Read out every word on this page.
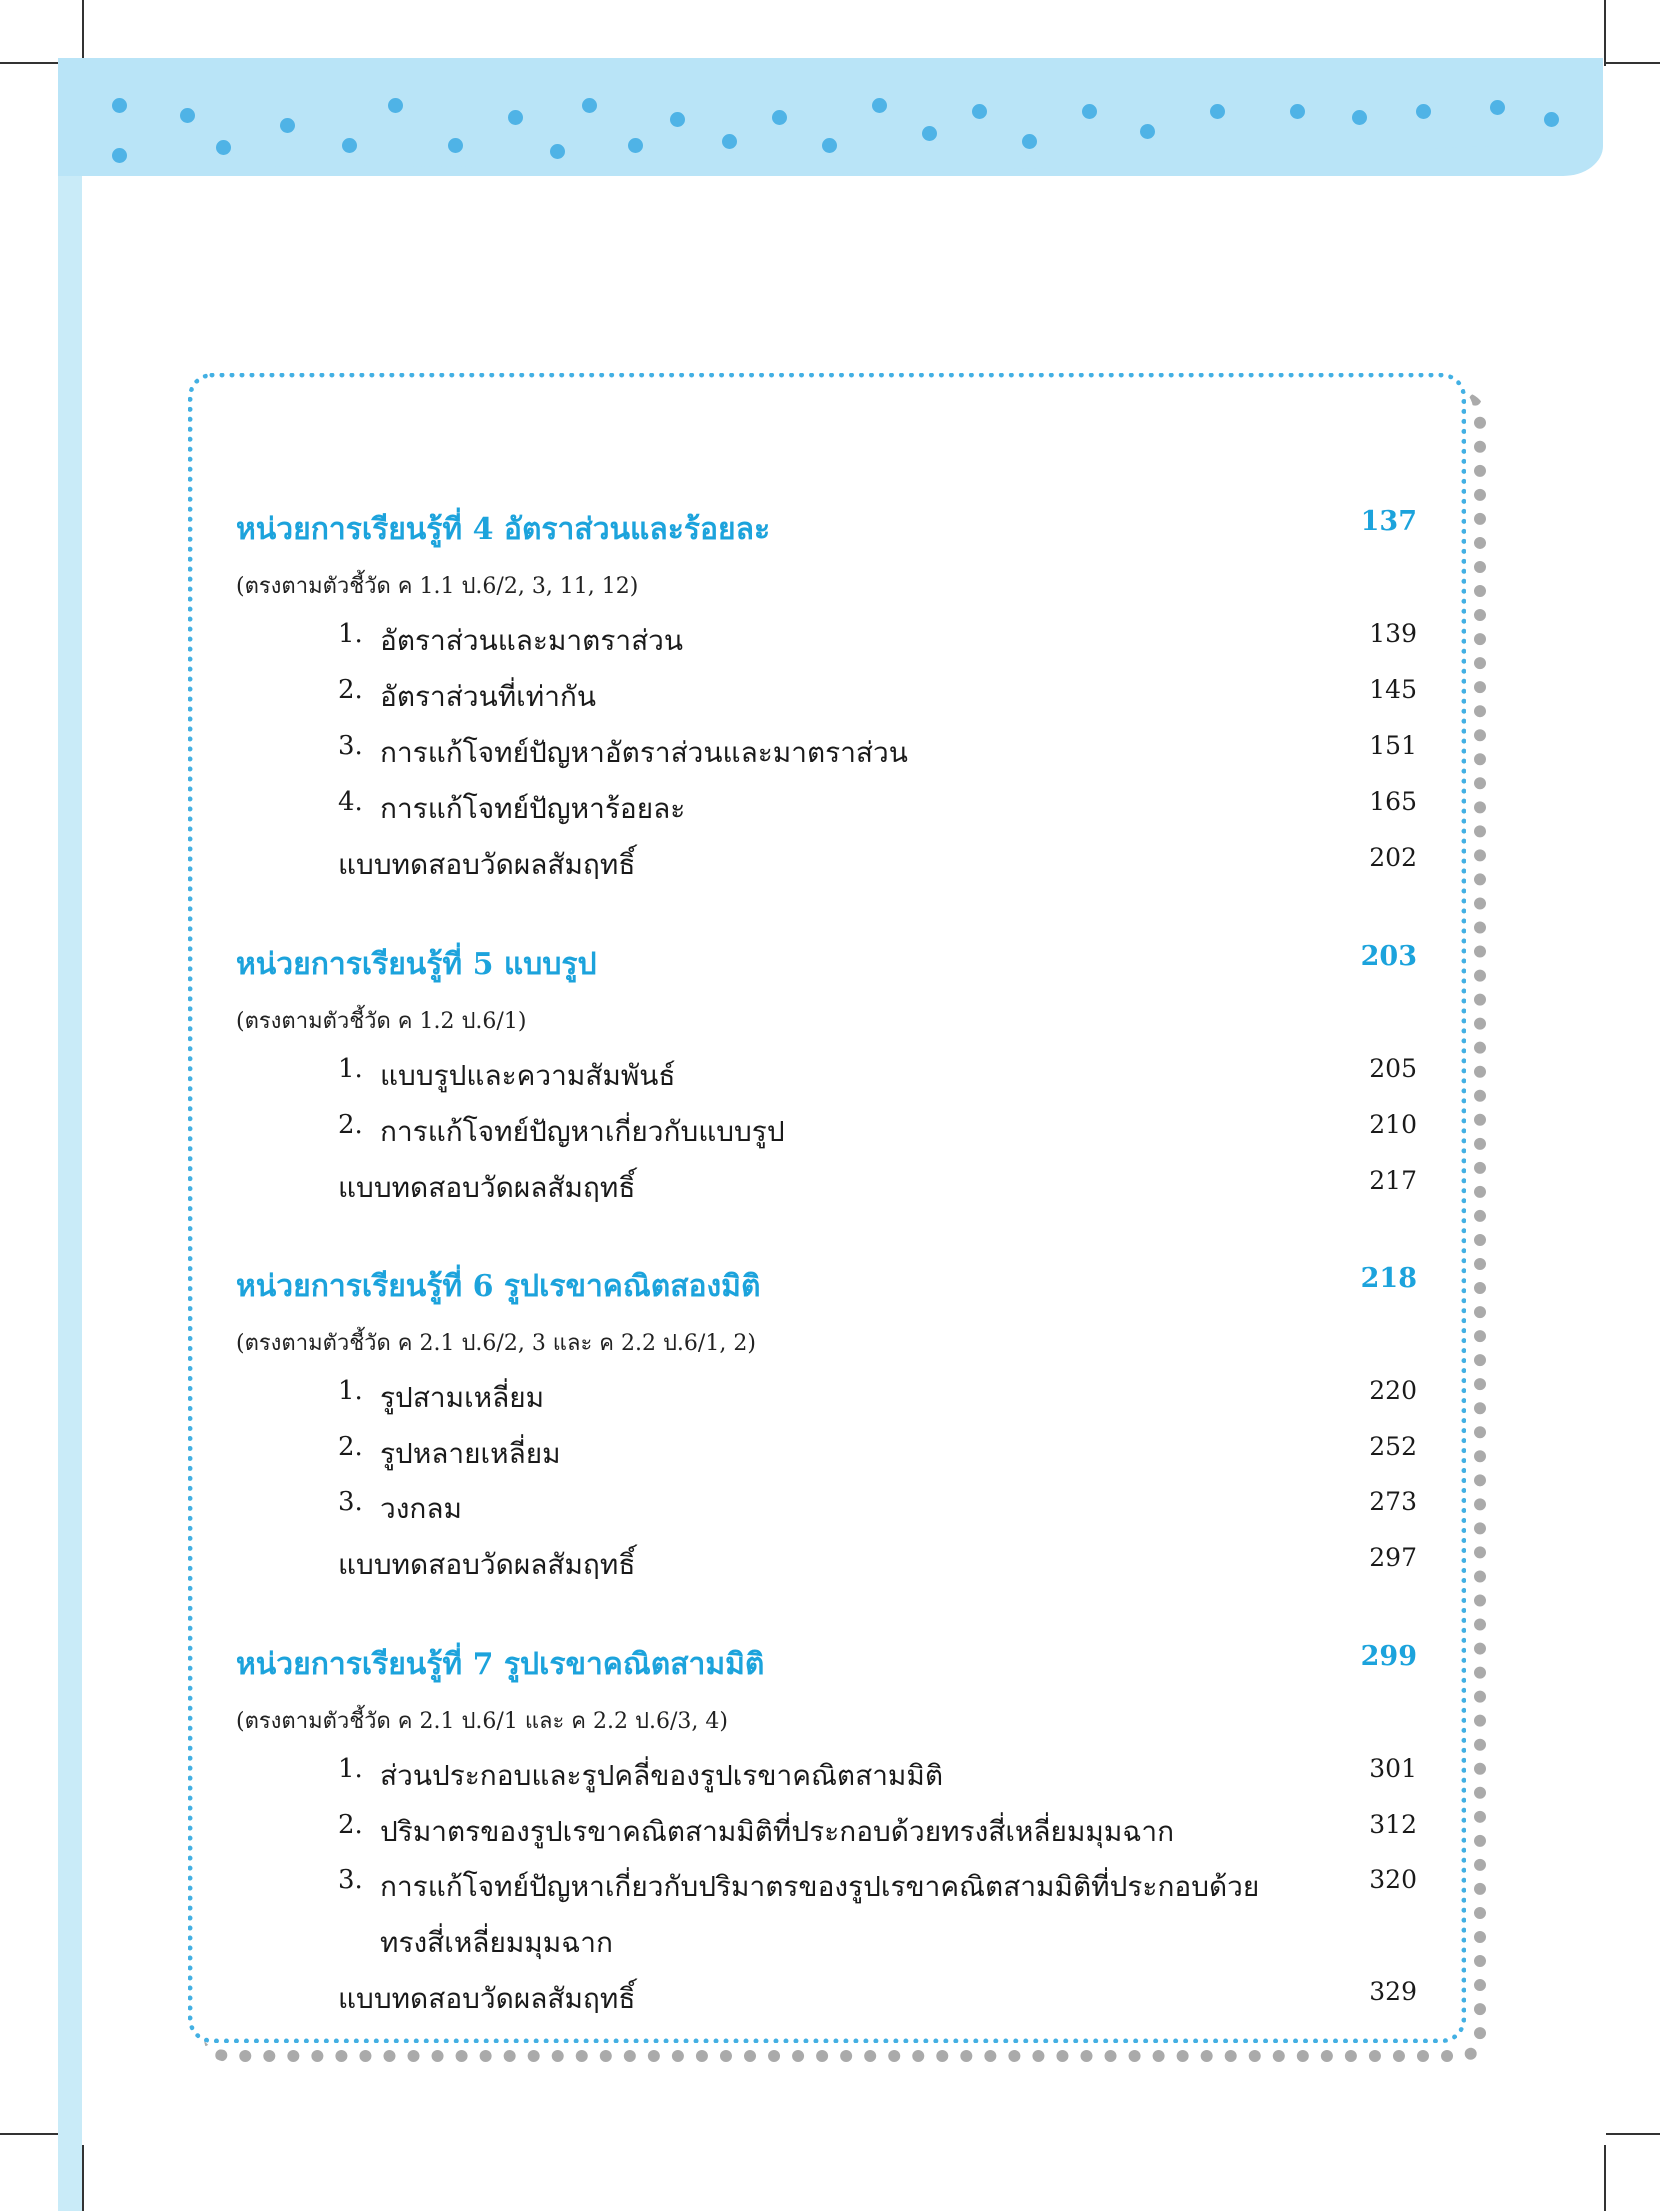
หน่วยการเรียนรู้ที่ 4 อัตราส่วนและร้อยละ	137
(ตรงตามตัวชี้วัด ค 1.1 ป.6/2, 3, 11, 12)
1. อัตราส่วนและมาตราส่วน	139
2. อัตราส่วนที่เท่ากัน	145
3. การแก้โจทย์ปัญหาอัตราส่วนและมาตราส่วน	151
4. การแก้โจทย์ปัญหาร้อยละ	165
แบบทดสอบวัดผลสัมฤทธิ์	202
หน่วยการเรียนรู้ที่ 5 แบบรูป	203
(ตรงตามตัวชี้วัด ค 1.2 ป.6/1)
1. แบบรูปและความสัมพันธ์	205
2. การแก้โจทย์ปัญหาเกี่ยวกับแบบรูป	210
แบบทดสอบวัดผลสัมฤทธิ์	217
หน่วยการเรียนรู้ที่ 6 รูปเรขาคณิตสองมิติ	218
(ตรงตามตัวชี้วัด ค 2.1 ป.6/2, 3 และ ค 2.2 ป.6/1, 2)
1. รูปสามเหลี่ยม	220
2. รูปหลายเหลี่ยม	252
3. วงกลม	273
แบบทดสอบวัดผลสัมฤทธิ์	297
หน่วยการเรียนรู้ที่ 7 รูปเรขาคณิตสามมิติ	299
(ตรงตามตัวชี้วัด ค 2.1 ป.6/1 และ ค 2.2 ป.6/3, 4)
1. ส่วนประกอบและรูปคลี่ของรูปเรขาคณิตสามมิติ	301
2. ปริมาตรของรูปเรขาคณิตสามมิติที่ประกอบด้วยทรงสี่เหลี่ยมมุมฉาก	312
3. การแก้โจทย์ปัญหาเกี่ยวกับปริมาตรของรูปเรขาคณิตสามมิติที่ประกอบด้วย	320
ทรงสี่เหลี่ยมมุมฉาก
แบบทดสอบวัดผลสัมฤทธิ์	329
